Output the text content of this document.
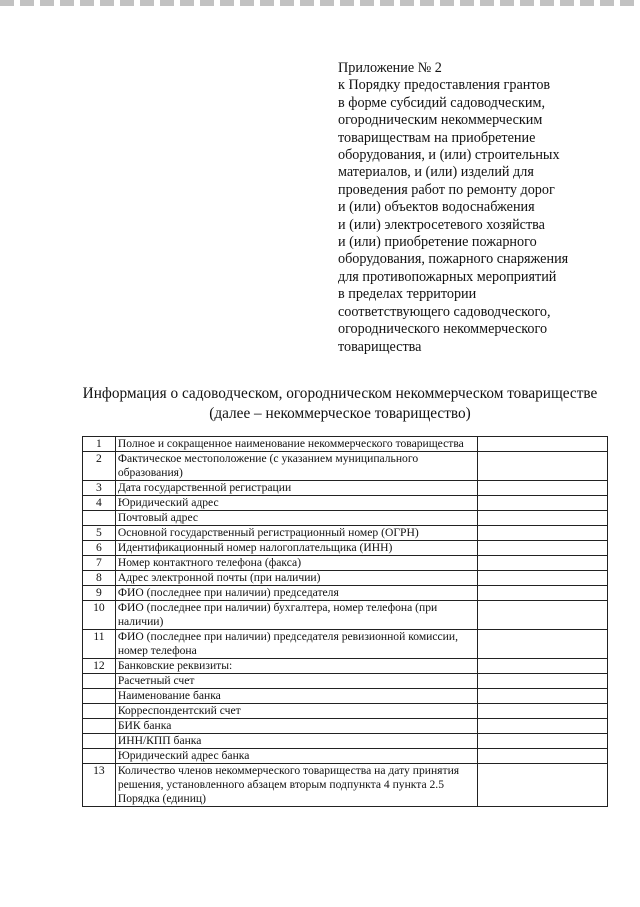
Приложение № 2
к Порядку предоставления грантов
в форме субсидий садоводческим,
огородническим некоммерческим
товариществам на приобретение
оборудования, и (или) строительных
материалов, и (или) изделий для
проведения работ по ремонту дорог
и (или) объектов водоснабжения
и (или) электросетевого хозяйства
и (или) приобретение пожарного
оборудования, пожарного снаряжения
для противопожарных мероприятий
в пределах территории
соответствующего садоводческого,
огороднического некоммерческого
товарищества
Информация о садоводческом, огородническом некоммерческом товариществе
(далее – некоммерческое товарищество)
1	Полное и сокращенное наименование некоммерческого товарищества	
2	Фактическое местоположение (с указанием муниципального образования)	
3	Дата государственной регистрации	
4	Юридический адрес	
	Почтовый адрес	
5	Основной государственный регистрационный номер (ОГРН)	
6	Идентификационный номер налогоплательщика (ИНН)	
7	Номер контактного телефона (факса)	
8	Адрес электронной почты (при наличии)	
9	ФИО (последнее при наличии) председателя	
10	ФИО (последнее при наличии) бухгалтера, номер телефона (при наличии)	
11	ФИО (последнее при наличии) председателя ревизионной комиссии, номер телефона	
12	Банковские реквизиты:	
	Расчетный счет	
	Наименование банка	
	Корреспондентский счет	
	БИК банка	
	ИНН/КПП банка	
	Юридический адрес банка	
13	Количество членов некоммерческого товарищества на дату принятия решения, установленного абзацем вторым подпункта 4 пункта 2.5 Порядка (единиц)	
